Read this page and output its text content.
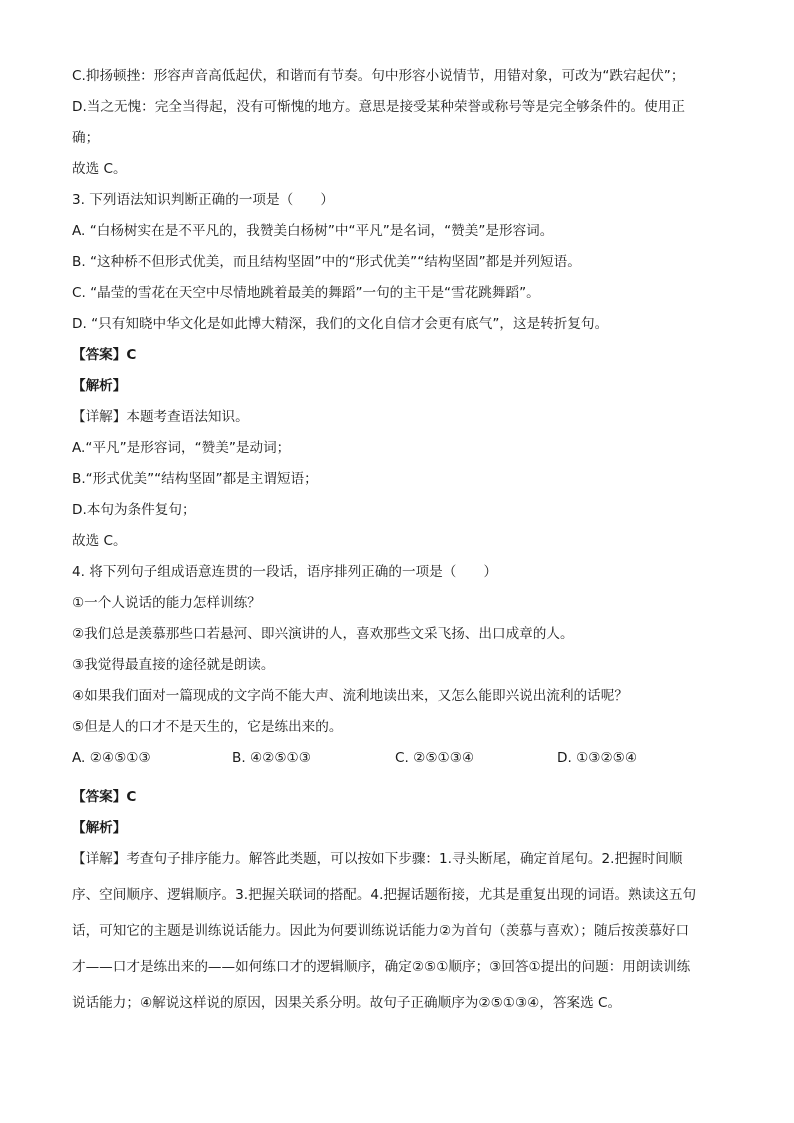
C.抑扬顿挫：形容声音高低起伏，和谐而有节奏。句中形容小说情节，用错对象，可改为“跌宕起伏”；

D.当之无愧：完全当得起，没有可惭愧的地方。意思是接受某种荣誉或称号等是完全够条件的。使用正

确；

故选 C。

3. 下列语法知识判断正确的一项是（　　）

A. “白杨树实在是不平凡的，我赞美白杨树”中“平凡”是名词，“赞美”是形容词。

B. “这种桥不但形式优美，而且结构坚固”中的“形式优美”“结构坚固”都是并列短语。

C. “晶莹的雪花在天空中尽情地跳着最美的舞蹈”一句的主干是“雪花跳舞蹈”。

D. “只有知晓中华文化是如此博大精深，我们的文化自信才会更有底气”，这是转折复句。

【答案】C

【解析】

【详解】本题考查语法知识。

A.“平凡”是形容词，“赞美”是动词；

B.“形式优美”“结构坚固”都是主谓短语；

D.本句为条件复句；

故选 C。

4. 将下列句子组成语意连贯的一段话，语序排列正确的一项是（　　）

①一个人说话的能力怎样训练？

②我们总是羡慕那些口若悬河、即兴演讲的人，喜欢那些文采飞扬、出口成章的人。

③我觉得最直接的途径就是朗读。

④如果我们面对一篇现成的文字尚不能大声、流利地读出来，又怎么能即兴说出流利的话呢？

⑤但是人的口才不是天生的，它是练出来的。

A. ②④⑤①③	B. ④②⑤①③	C. ②⑤①③④	D. ①③②⑤④

【答案】C

【解析】

【详解】考查句子排序能力。解答此类题，可以按如下步骤：1.寻头断尾，确定首尾句。2.把握时间顺

序、空间顺序、逻辑顺序。3.把握关联词的搭配。4.把握话题衔接，尤其是重复出现的词语。熟读这五句

话，可知它的主题是训练说话能力。因此为何要训练说话能力②为首句（羡慕与喜欢）；随后按羡慕好口

才——口才是练出来的——如何练口才的逻辑顺序，确定②⑤①顺序；③回答①提出的问题：用朗读训练

说话能力；④解说这样说的原因，因果关系分明。故句子正确顺序为②⑤①③④，答案选 C。
